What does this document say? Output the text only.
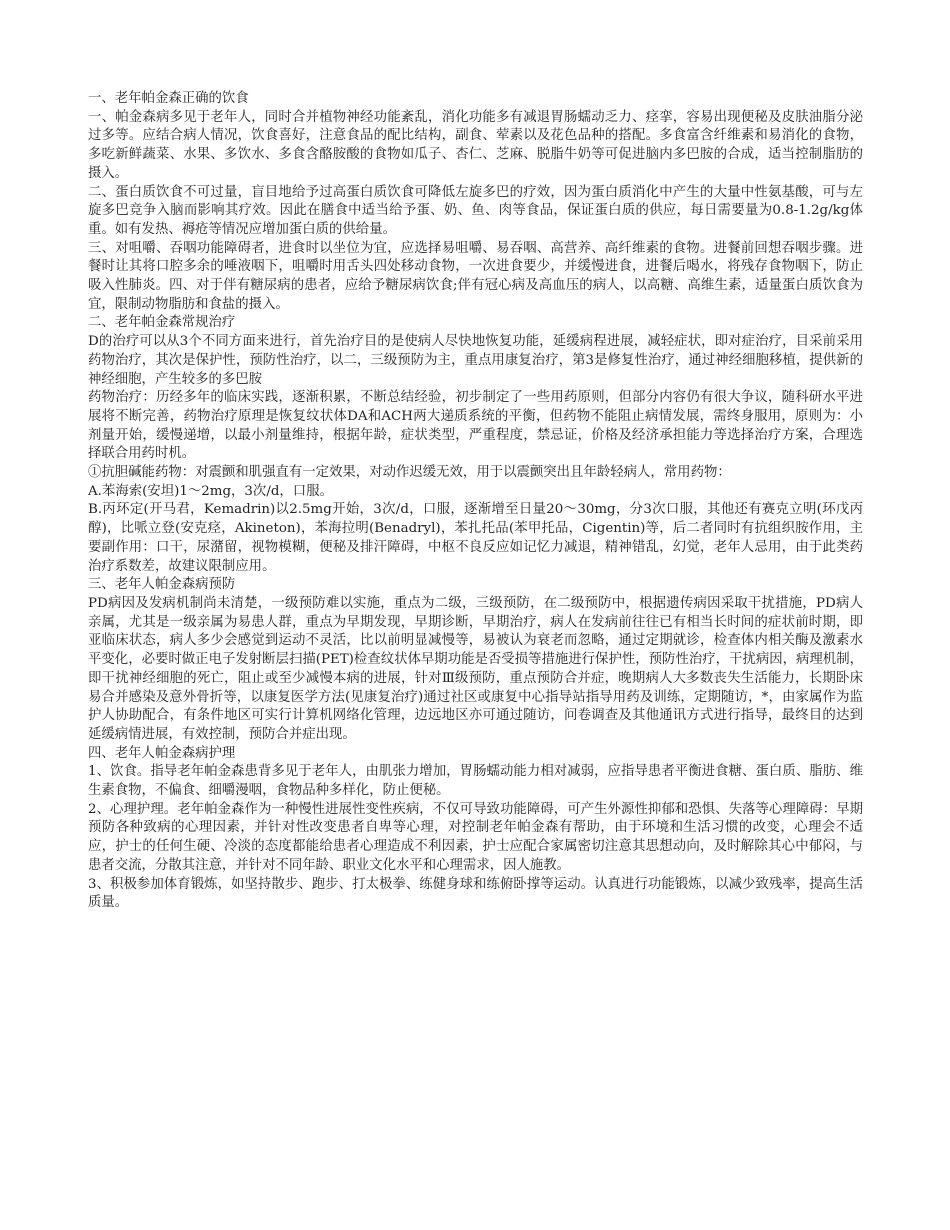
一、老年帕金森正确的饮食

一、帕金森病多见于老年人，同时合并植物神经功能紊乱，消化功能多有减退胃肠蠕动乏力、痉挛，容易出现便秘及皮肤油脂分泌过多等。应结合病人情况，饮食喜好，注意食品的配比结构，副食、荤素以及花色品种的搭配。多食富含纤维素和易消化的食物，多吃新鲜蔬菜、水果、多饮水、多食含酪胺酸的食物如瓜子、杏仁、芝麻、脱脂牛奶等可促进脑内多巴胺的合成，适当控制脂肪的摄入。

二、蛋白质饮食不可过量，盲目地给予过高蛋白质饮食可降低左旋多巴的疗效，因为蛋白质消化中产生的大量中性氨基酸，可与左旋多巴竞争入脑而影响其疗效。因此在膳食中适当给予蛋、奶、鱼、肉等食品，保证蛋白质的供应，每日需要量为0.8-1.2g/kg体重。如有发热、褥疮等情况应增加蛋白质的供给量。

三、对咀嚼、吞咽功能障碍者，进食时以坐位为宜，应选择易咀嚼、易吞咽、高营养、高纤维素的食物。进餐前回想吞咽步骤。进餐时让其将口腔多余的唾液咽下，咀嚼时用舌头四处移动食物，一次进食要少，并缓慢进食，进餐后喝水，将残存食物咽下，防止吸入性肺炎。四、对于伴有糖尿病的患者，应给予糖尿病饮食;伴有冠心病及高血压的病人，以高糖、高维生素，适量蛋白质饮食为宜，限制动物脂肪和食盐的摄入。

二、老年帕金森常规治疗

D的治疗可以从3个不同方面来进行，首先治疗目的是使病人尽快地恢复功能，延缓病程进展，减轻症状，即对症治疗，目采前采用药物治疗，其次是保护性，预防性治疗，以二，三级预防为主，重点用康复治疗，第3是修复性治疗，通过神经细胞移植，提供新的神经细胞，产生较多的多巴胺

药物治疗：历经多年的临床实践，逐渐积累，不断总结经验，初步制定了一些用药原则，但部分内容仍有很大争议，随科研水平进展将不断完善，药物治疗原理是恢复纹状体DA和ACH两大递质系统的平衡，但药物不能阻止病情发展，需终身服用，原则为：小剂量开始，缓慢递增，以最小剂量维持，根据年龄，症状类型，严重程度，禁忌证，价格及经济承担能力等选择治疗方案，合理选择联合用药时机。

①抗胆碱能药物：对震颤和肌强直有一定效果，对动作迟缓无效，用于以震颤突出且年龄轻病人，常用药物：

A.苯海索(安坦)1～2mg，3次/d，口服。

B.丙环定(开马君，Kemadrin)以2.5mg开始，3次/d，口服，逐渐增至日量20～30mg，分3次口服，其他还有赛克立明(环戊丙醇)，比哌立登(安克痉，Akineton)，苯海拉明(Benadryl)，苯扎托品(苯甲托品，Cigentin)等，后二者同时有抗组织胺作用，主要副作用：口干，尿潴留，视物模糊，便秘及排汗障碍，中枢不良反应如记忆力减退，精神错乱，幻觉，老年人忌用，由于此类药治疗系数差，故建议限制应用。

三、老年人帕金森病预防

PD病因及发病机制尚未清楚，一级预防难以实施，重点为二级，三级预防，在二级预防中，根据遗传病因采取干扰措施，PD病人亲属，尤其是一级亲属为易患人群，重点为早期发现，早期诊断，早期治疗，病人在发病前往往已有相当长时间的症状前时期，即亚临床状态，病人多少会感觉到运动不灵活，比以前明显减慢等，易被认为衰老而忽略，通过定期就诊，检查体内相关酶及激素水平变化，必要时做正电子发射断层扫描(PET)检查纹状体早期功能是否受损等措施进行保护性，预防性治疗，干扰病因，病理机制，即干扰神经细胞的死亡，阻止或至少减慢本病的进展，针对Ⅲ级预防，重点预防合并症，晚期病人大多数丧失生活能力，长期卧床易合并感染及意外骨折等，以康复医学方法(见康复治疗)通过社区或康复中心指导站指导用药及训练，定期随访，*，由家属作为监护人协助配合，有条件地区可实行计算机网络化管理，边远地区亦可通过随访，问卷调查及其他通讯方式进行指导，最终目的达到延缓病情进展，有效控制，预防合并症出现。

四、老年人帕金森病护理

1、饮食。指导老年帕金森患背多见于老年人，由肌张力增加，胃肠蠕动能力相对减弱，应指导患者平衡进食糖、蛋白质、脂肪、维生素食物，不偏食、细嚼漫咽，食物品种多样化，防止便秘。

2、心理护理。老年帕金森作为一种慢性进展性变性疾病，不仅可导致功能障碍，可产生外源性抑郁和恐惧、失落等心理障碍：早期预防各种致病的心理因素，并针对性改变患者自卑等心理，对控制老年帕金森有帮助，由于环境和生活习惯的改变，心理会不适应，护士的任何生硬、冷淡的态度都能给患者心理造成不利因素，护士应配合家属密切注意其思想动向，及时解除其心中郁闷，与患者交流，分散其注意，并针对不同年龄、职业文化水平和心理需求，因人施教。

3、积极参加体育锻炼，如坚持散步、跑步、打太极拳、练健身球和练俯卧撑等运动。认真进行功能锻炼，以减少致残率，提高生活质量。
